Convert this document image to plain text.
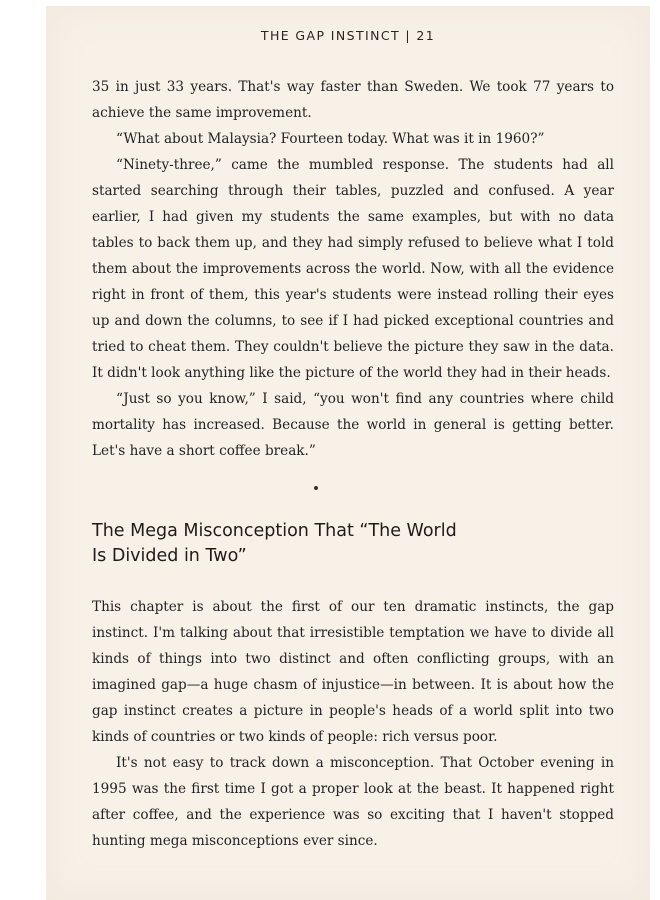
THE GAP INSTINCT | 21

35 in just 33 years. That's way faster than Sweden. We took 77 years to achieve the same improvement.

“What about Malaysia? Fourteen today. What was it in 1960?”

“Ninety-three,” came the mumbled response. The students had all started searching through their tables, puzzled and confused. A year earlier, I had given my students the same examples, but with no data tables to back them up, and they had simply refused to believe what I told them about the improvements across the world. Now, with all the evidence right in front of them, this year's students were instead rolling their eyes up and down the columns, to see if I had picked exceptional countries and tried to cheat them. They couldn't believe the picture they saw in the data. It didn't look anything like the picture of the world they had in their heads.

“Just so you know,” I said, “you won't find any countries where child mortality has increased. Because the world in general is getting better. Let's have a short coffee break.”

The Mega Misconception That “The World
Is Divided in Two”

This chapter is about the first of our ten dramatic instincts, the gap instinct. I'm talking about that irresistible temptation we have to divide all kinds of things into two distinct and often conflicting groups, with an imagined gap—a huge chasm of injustice—in between. It is about how the gap instinct creates a picture in people's heads of a world split into two kinds of countries or two kinds of people: rich versus poor.

It's not easy to track down a misconception. That October evening in 1995 was the first time I got a proper look at the beast. It happened right after coffee, and the experience was so exciting that I haven't stopped hunting mega misconceptions ever since.
